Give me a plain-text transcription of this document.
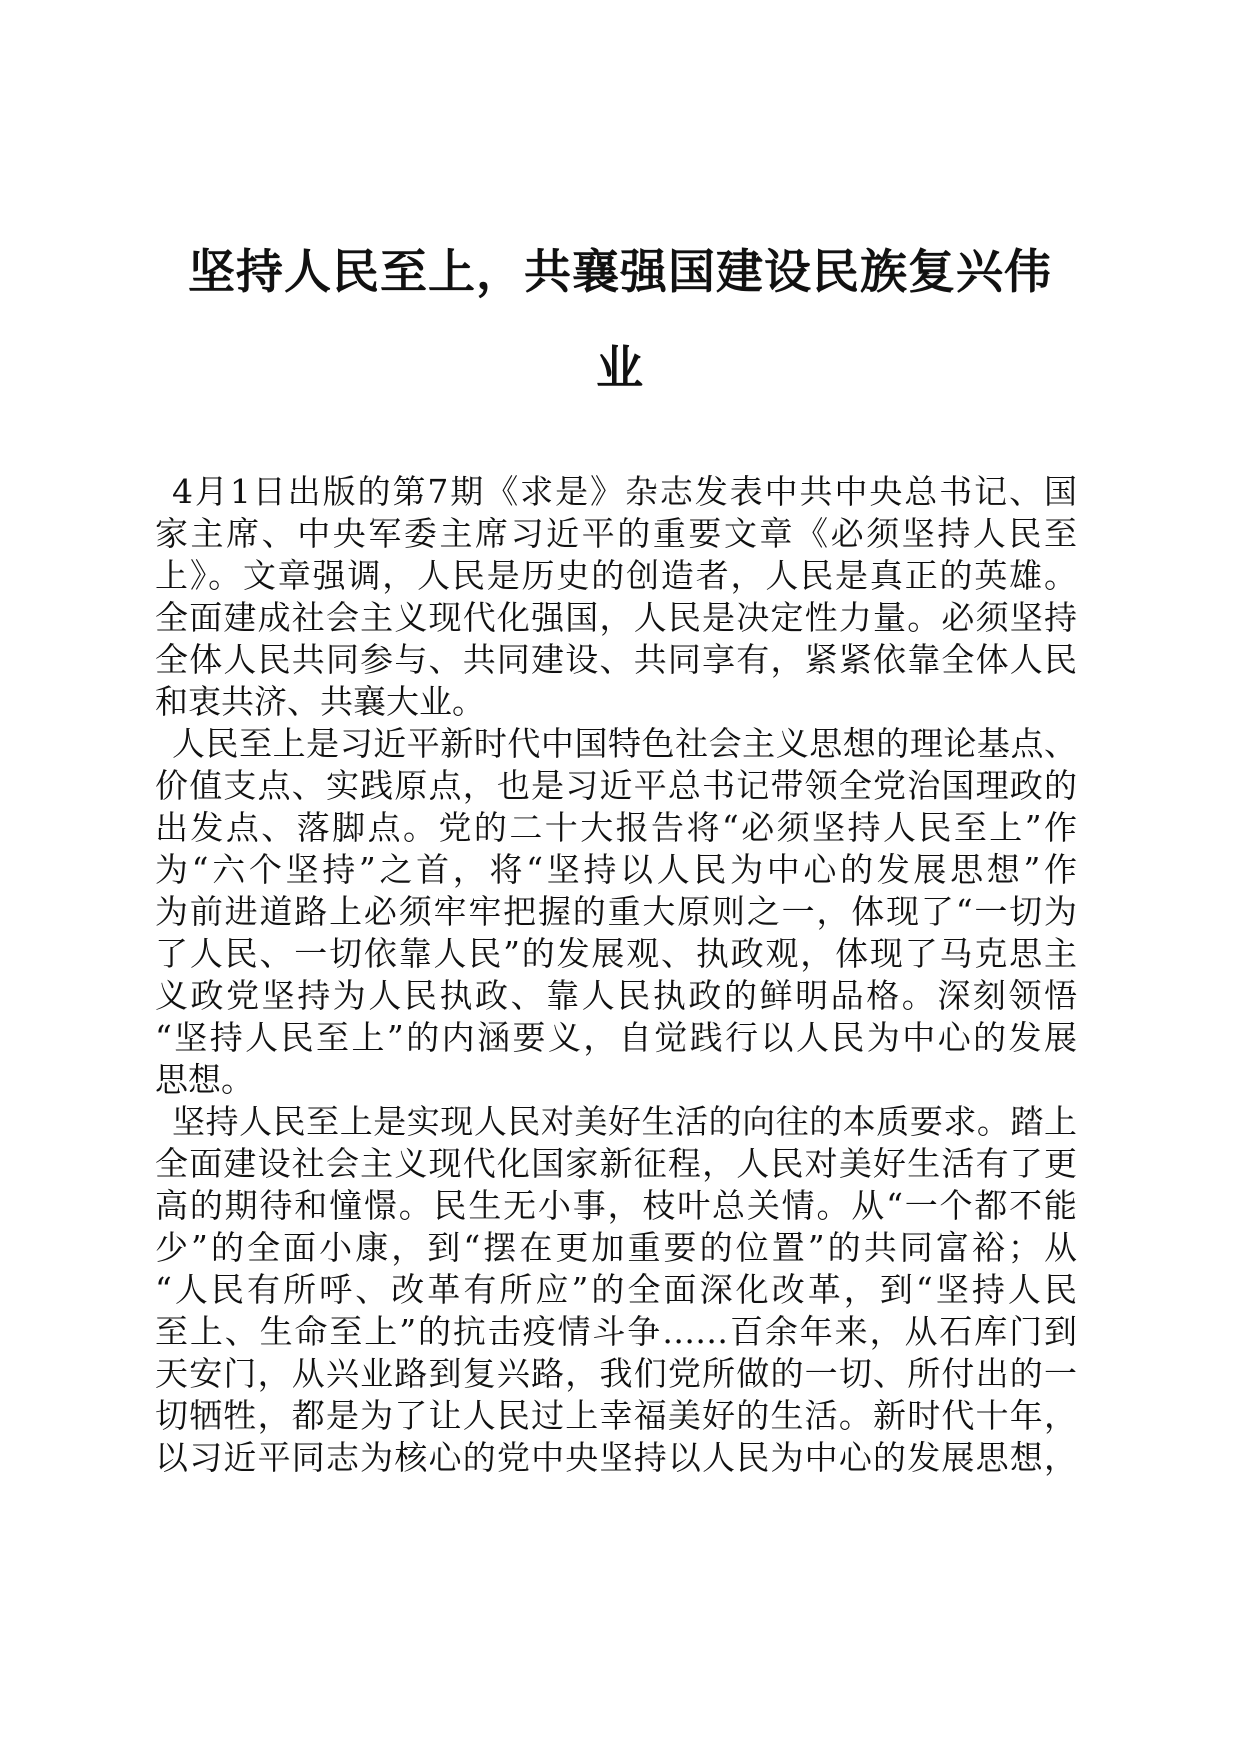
坚持人民至上，共襄强国建设民族复兴伟
业
4月1日出版的第7期《求是》杂志发表中共中央总书记、国
家主席、中央军委主席习近平的重要文章《必须坚持人民至
上》。文章强调，人民是历史的创造者，人民是真正的英雄。
全面建成社会主义现代化强国，人民是决定性力量。必须坚持
全体人民共同参与、共同建设、共同享有，紧紧依靠全体人民
和衷共济、共襄大业。
人民至上是习近平新时代中国特色社会主义思想的理论基点、
价值支点、实践原点，也是习近平总书记带领全党治国理政的
出发点、落脚点。党的二十大报告将“必须坚持人民至上”作
为“六个坚持”之首，将“坚持以人民为中心的发展思想”作
为前进道路上必须牢牢把握的重大原则之一，体现了“一切为
了人民、一切依靠人民”的发展观、执政观，体现了马克思主
义政党坚持为人民执政、靠人民执政的鲜明品格。深刻领悟
“坚持人民至上”的内涵要义，自觉践行以人民为中心的发展
思想。
坚持人民至上是实现人民对美好生活的向往的本质要求。踏上
全面建设社会主义现代化国家新征程，人民对美好生活有了更
高的期待和憧憬。民生无小事，枝叶总关情。从“一个都不能
少”的全面小康，到“摆在更加重要的位置”的共同富裕；从
“人民有所呼、改革有所应”的全面深化改革，到“坚持人民
至上、生命至上”的抗击疫情斗争……百余年来，从石库门到
天安门，从兴业路到复兴路，我们党所做的一切、所付出的一
切牺牲，都是为了让人民过上幸福美好的生活。新时代十年，
以习近平同志为核心的党中央坚持以人民为中心的发展思想，
